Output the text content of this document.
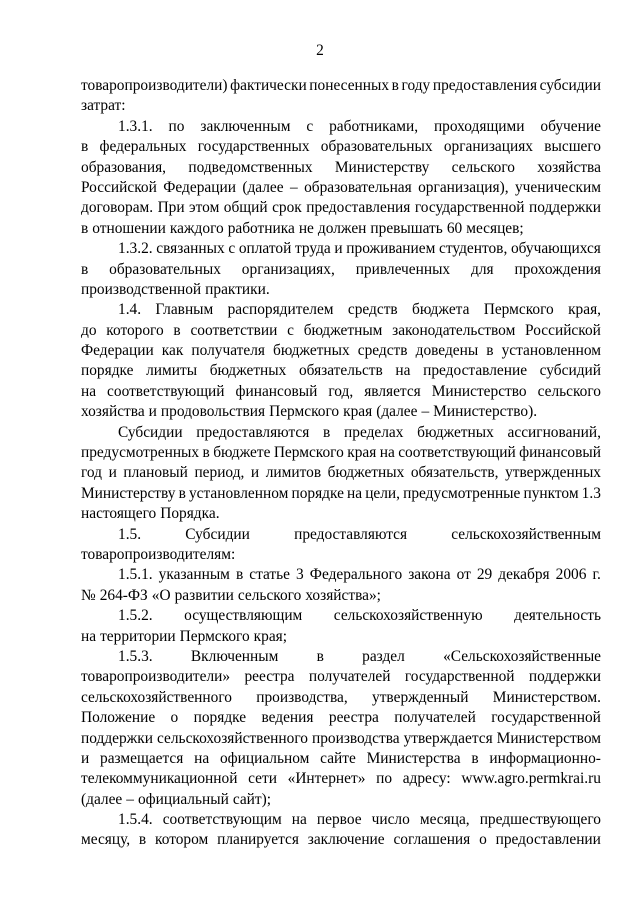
2
товаропроизводители) фактически понесенных в году предоставления субсидии
затрат:
1.3.1. по заключенным с работниками, проходящими обучение
в федеральных государственных образовательных организациях высшего
образования, подведомственных Министерству сельского хозяйства
Российской Федерации (далее – образовательная организация), ученическим
договорам. При этом общий срок предоставления государственной поддержки
в отношении каждого работника не должен превышать 60 месяцев;
1.3.2. связанных с оплатой труда и проживанием студентов, обучающихся
в образовательных организациях, привлеченных для прохождения
производственной практики.
1.4. Главным распорядителем средств бюджета Пермского края,
до которого в соответствии с бюджетным законодательством Российской
Федерации как получателя бюджетных средств доведены в установленном
порядке лимиты бюджетных обязательств на предоставление субсидий
на соответствующий финансовый год, является Министерство сельского
хозяйства и продовольствия Пермского края (далее – Министерство).
Субсидии предоставляются в пределах бюджетных ассигнований,
предусмотренных в бюджете Пермского края на соответствующий финансовый
год и плановый период, и лимитов бюджетных обязательств, утвержденных
Министерству в установленном порядке на цели, предусмотренные пунктом 1.3
настоящего Порядка.
1.5.	Субсидии	предоставляются	сельскохозяйственным
товаропроизводителям:
1.5.1. указанным в статье 3 Федерального закона от 29 декабря 2006 г.
№ 264-ФЗ «О развитии сельского хозяйства»;
1.5.2. осуществляющим сельскохозяйственную деятельность
на территории Пермского края;
1.5.3. Включенным в раздел «Сельскохозяйственные
товаропроизводители» реестра получателей государственной поддержки
сельскохозяйственного производства, утвержденный Министерством.
Положение о порядке ведения реестра получателей государственной
поддержки сельскохозяйственного производства утверждается Министерством
и размещается на официальном сайте Министерства в информационно-
телекоммуникационной сети «Интернет» по адресу: www.agro.permkrai.ru
(далее – официальный сайт);
1.5.4. соответствующим на первое число месяца, предшествующего
месяцу, в котором планируется заключение соглашения о предоставлении
